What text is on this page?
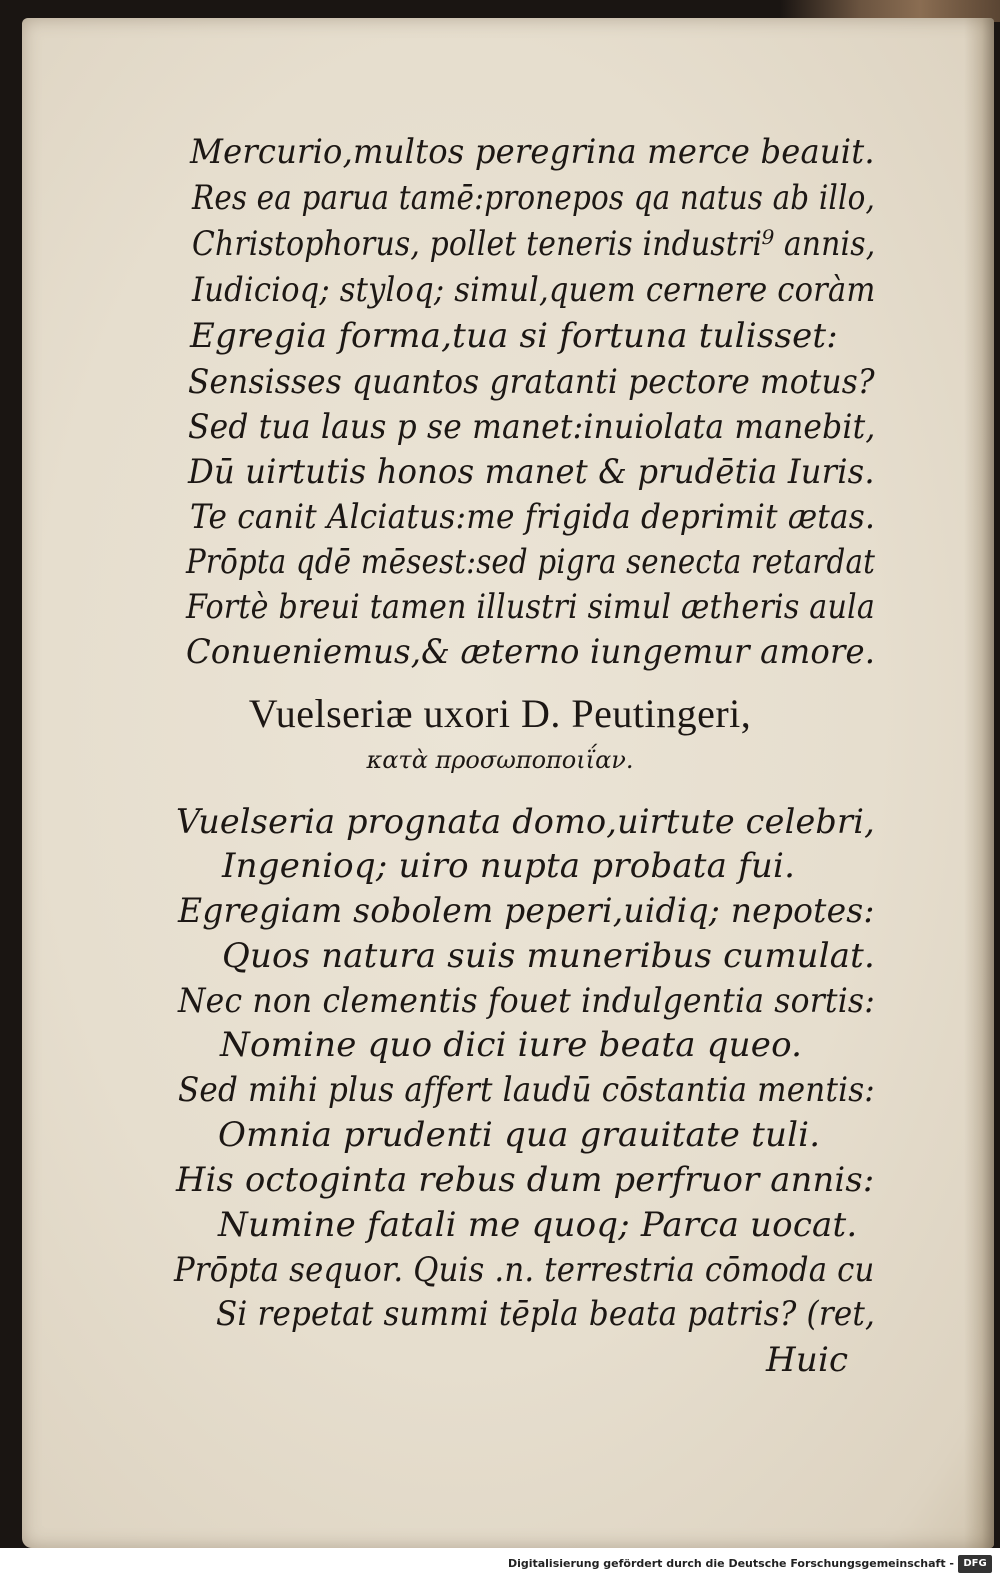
Mercurio,multos peregrina merce beauit.
Res ea parua tamē:pronepos qa natus ab illo,
Christophorus, pollet teneris industri⁹ annis,
Iudicioq; styloq; simul,quem cernere coràm
Egregia forma,tua si fortuna tulisset:
Sensisses quantos gratanti pectore motus?
Sed tua laus p se manet:inuiolata manebit,
Dū uirtutis honos manet & prudētia Iuris.
Te canit Alciatus:me frigida deprimit ætas.
Prōpta qdē mēsest:sed pigra senecta retardat
Fortè breui tamen illustri simul ætheris aula
Conueniemus,& æterno iungemur amore.
Vuelseriæ uxori D. Peutingeri,
κατὰ προσωποποιΐαν.
Vuelseria prognata domo,uirtute celebri,
Ingenioq; uiro nupta probata fui.
Egregiam sobolem peperi,uidiq; nepotes:
Quos natura suis muneribus cumulat.
Nec non clementis fouet indulgentia sortis:
Nomine quo dici iure beata queo.
Sed mihi plus affert laudū cōstantia mentis:
Omnia prudenti qua grauitate tuli.
His octoginta rebus dum perfruor annis:
Numine fatali me quoq; Parca uocat.
Prōpta sequor. Quis .n. terrestria cōmoda cu
Si repetat summi tēpla beata patris? (ret,
Huic
Digitalisierung gefördert durch die Deutsche Forschungsgemeinschaft - DFG
